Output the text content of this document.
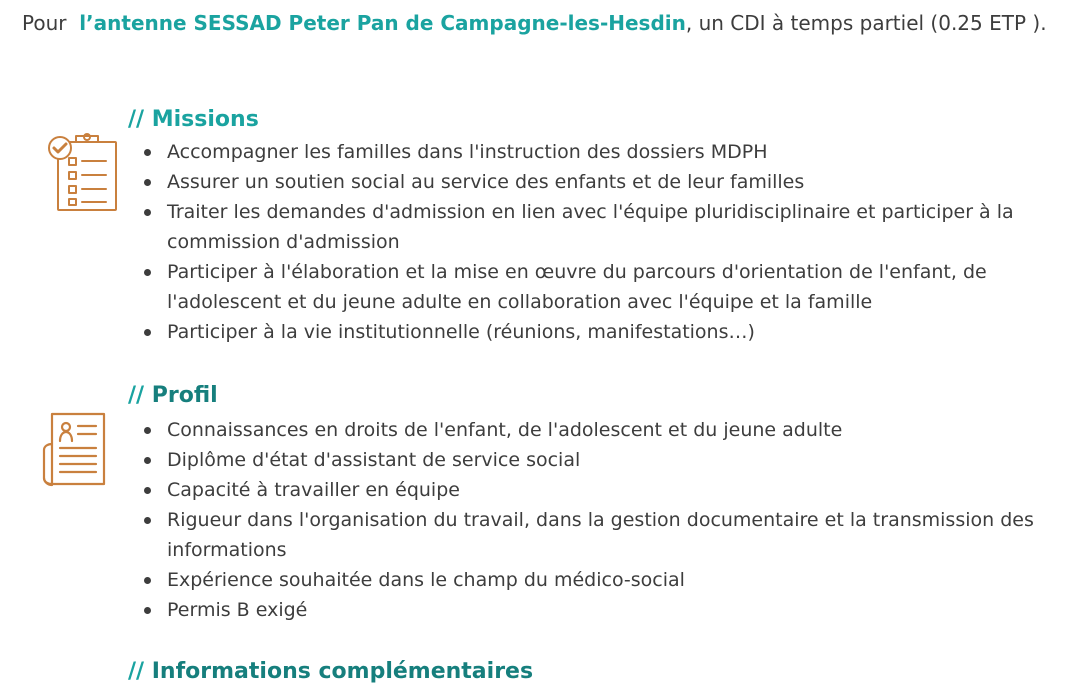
Pour l’antenne SESSAD Peter Pan de Campagne-les-Hesdin, un CDI à temps partiel (0.25 ETP ).
// Missions
Accompagner les familles dans l'instruction des dossiers MDPH
Assurer un soutien social au service des enfants et de leur familles
Traiter les demandes d'admission en lien avec l'équipe pluridisciplinaire et participer à la commission d'admission
Participer à l'élaboration et la mise en œuvre du parcours d'orientation de l'enfant, de l'adolescent et du jeune adulte en collaboration avec l'équipe et la famille
Participer à la vie institutionnelle (réunions, manifestations…)
// Profil
Connaissances en droits de l'enfant, de l'adolescent et du jeune adulte
Diplôme d'état d'assistant de service social
Capacité à travailler en équipe
Rigueur dans l'organisation du travail, dans la gestion documentaire et la transmission des informations
Expérience souhaitée dans le champ du médico-social
Permis B exigé
// Informations complémentaires
